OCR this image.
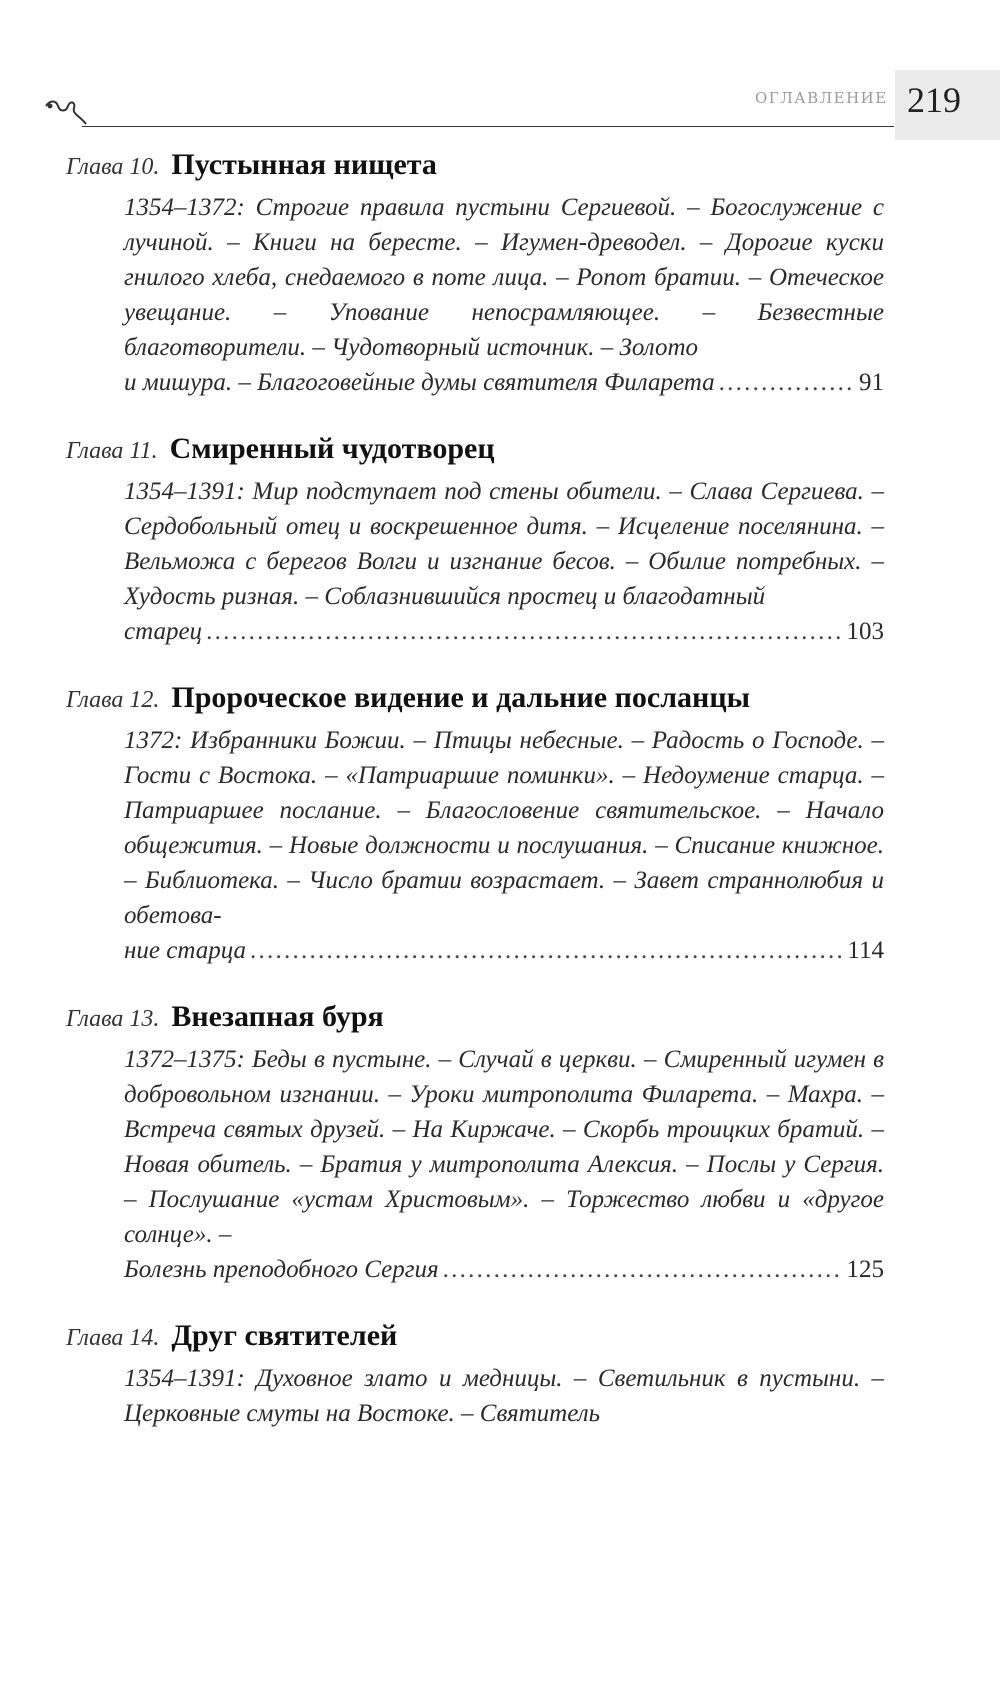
ОГЛАВЛЕНИЕ 219
Глава 10. Пустынная нищета
1354–1372: Строгие правила пустыни Сергиевой. – Богослужение с лучиной. – Книги на бересте. – Игумен-древодел. – Дорогие куски гнилого хлеба, снедаемого в поте лица. – Ропот братии. – Отеческое увещание. – Упование непосрамляющее. – Безвестные благотворители. – Чудотворный источник. – Золото
и мишура. – Благоговейные думы святителя Филарета . . .	91
Глава 11. Смиренный чудотворец
1354–1391: Мир подступает под стены обители. – Слава Сергиева. – Сердобольный отец и воскрешенное дитя. – Исцеление поселянина. – Вельможа с берегов Волги и изгнание бесов. – Обилие потребных. – Худость ризная. – Соблазнившийся простец и благодатный
старец . . .	103
Глава 12. Пророческое видение и дальние посланцы
1372: Избранники Божии. – Птицы небесные. – Радость о Господе. – Гости с Востока. – «Патриаршие поминки». – Недоумение старца. – Патриаршее послание. – Благословение святительское. – Начало общежития. – Новые должности и послушания. – Списание книжное. – Библиотека. – Число братии возрастает. – Завет страннолюбия и обетова-
ние старца . . .	114
Глава 13. Внезапная буря
1372–1375: Беды в пустыне. – Случай в церкви. – Смиренный игумен в добровольном изгнании. – Уроки митрополита Филарета. – Махра. – Встреча святых друзей. – На Киржаче. – Скорбь троицких братий. – Новая обитель. – Братия у митрополита Алексия. – Послы у Сергия. – Послушание «устам Христовым». – Торжество любви и «другое солнце». –
Болезнь преподобного Сергия . . .	125
Глава 14. Друг святителей
1354–1391: Духовное злато и медницы. – Светильник в пустыни. – Церковные смуты на Востоке. – Святитель
